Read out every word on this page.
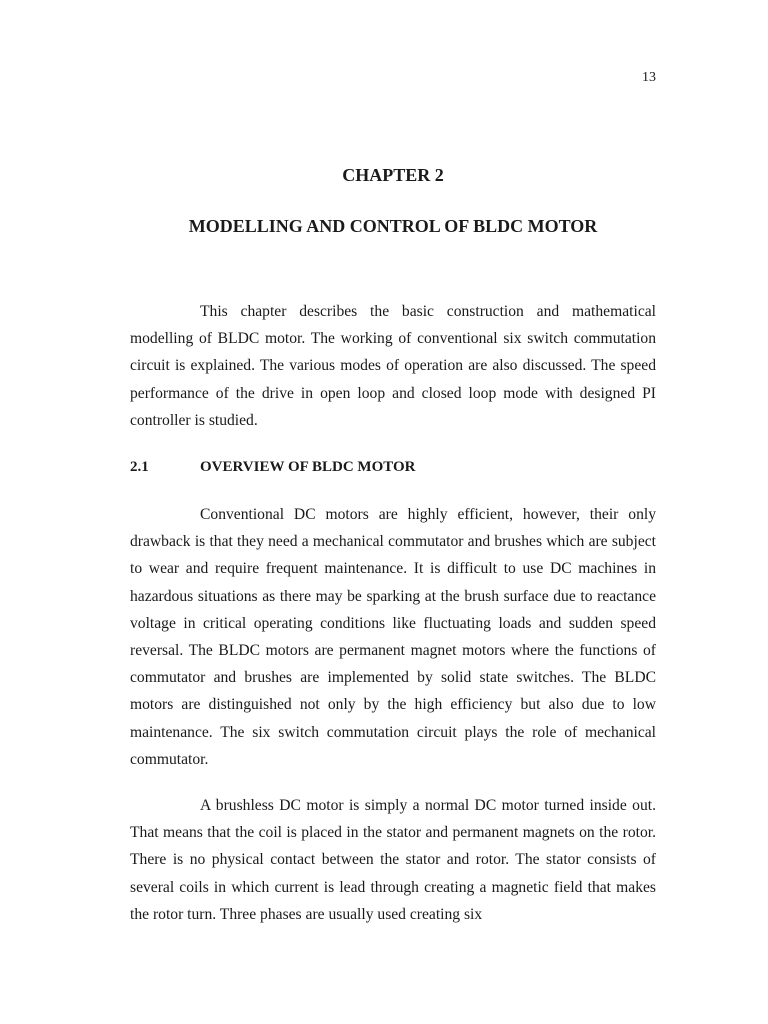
13
CHAPTER 2
MODELLING AND CONTROL OF BLDC MOTOR

This chapter describes the basic construction and mathematical modelling of BLDC motor. The working of conventional six switch commutation circuit is explained. The various modes of operation are also discussed. The speed performance of the drive in open loop and closed loop mode with designed PI controller is studied.

2.1	OVERVIEW OF BLDC MOTOR

Conventional DC motors are highly efficient, however, their only drawback is that they need a mechanical commutator and brushes which are subject to wear and require frequent maintenance. It is difficult to use DC machines in hazardous situations as there may be sparking at the brush surface due to reactance voltage in critical operating conditions like fluctuating loads and sudden speed reversal. The BLDC motors are permanent magnet motors where the functions of commutator and brushes are implemented by solid state switches. The BLDC motors are distinguished not only by the high efficiency but also due to low maintenance. The six switch commutation circuit plays the role of mechanical commutator.

A brushless DC motor is simply a normal DC motor turned inside out. That means that the coil is placed in the stator and permanent magnets on the rotor. There is no physical contact between the stator and rotor. The stator consists of several coils in which current is lead through creating a magnetic field that makes the rotor turn. Three phases are usually used creating six
